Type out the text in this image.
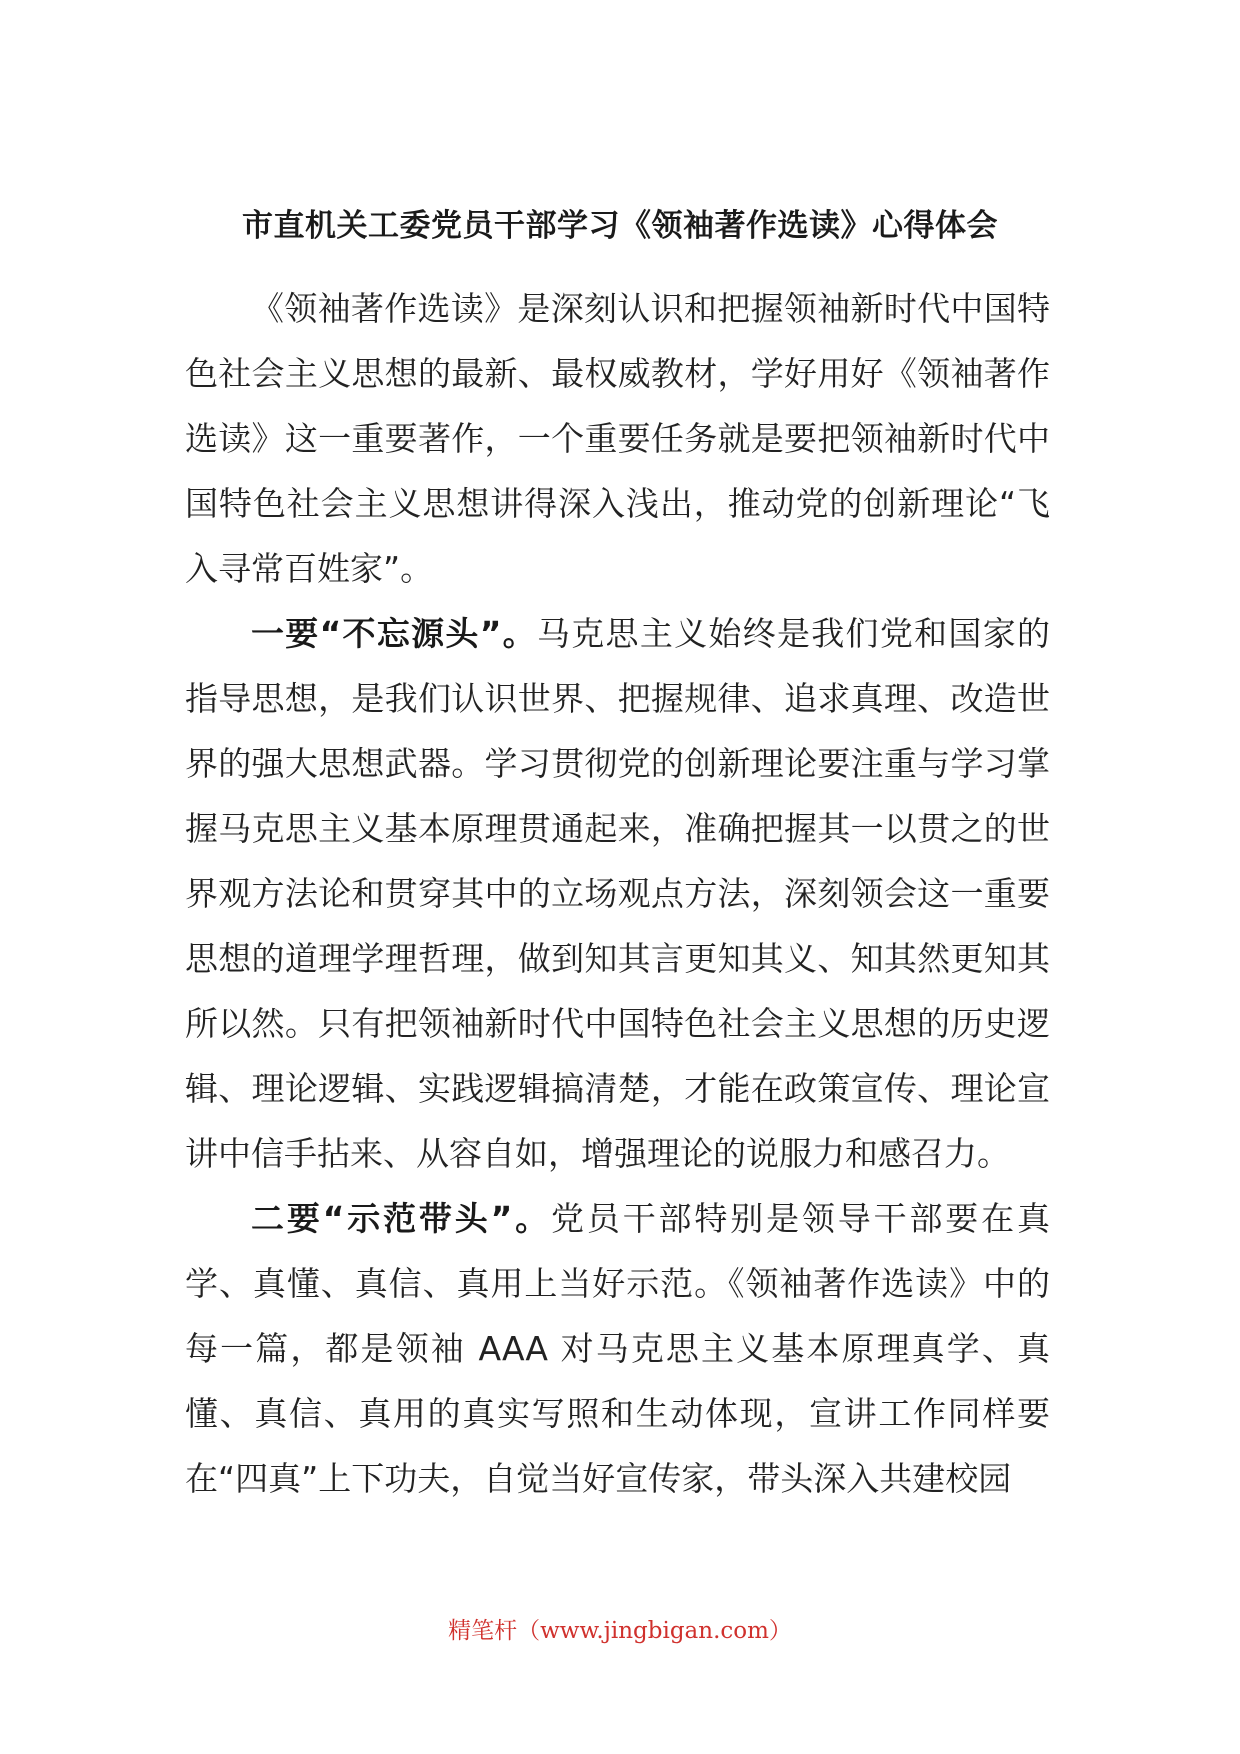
市直机关工委党员干部学习《领袖著作选读》心得体会

《领袖著作选读》是深刻认识和把握领袖新时代中国特色社会主义思想的最新、最权威教材，学好用好《领袖著作选读》这一重要著作，一个重要任务就是要把领袖新时代中国特色社会主义思想讲得深入浅出，推动党的创新理论“飞入寻常百姓家”。

一要“不忘源头”。马克思主义始终是我们党和国家的指导思想，是我们认识世界、把握规律、追求真理、改造世界的强大思想武器。学习贯彻党的创新理论要注重与学习掌握马克思主义基本原理贯通起来，准确把握其一以贯之的世界观方法论和贯穿其中的立场观点方法，深刻领会这一重要思想的道理学理哲理，做到知其言更知其义、知其然更知其所以然。只有把领袖新时代中国特色社会主义思想的历史逻辑、理论逻辑、实践逻辑搞清楚，才能在政策宣传、理论宣讲中信手拈来、从容自如，增强理论的说服力和感召力。

二要“示范带头”。党员干部特别是领导干部要在真学、真懂、真信、真用上当好示范。《领袖著作选读》中的每一篇，都是领袖 AAA 对马克思主义基本原理真学、真懂、真信、真用的真实写照和生动体现，宣讲工作同样要在“四真”上下功夫，自觉当好宣传家，带头深入共建校园

精笔杆（www.jingbigan.com）
